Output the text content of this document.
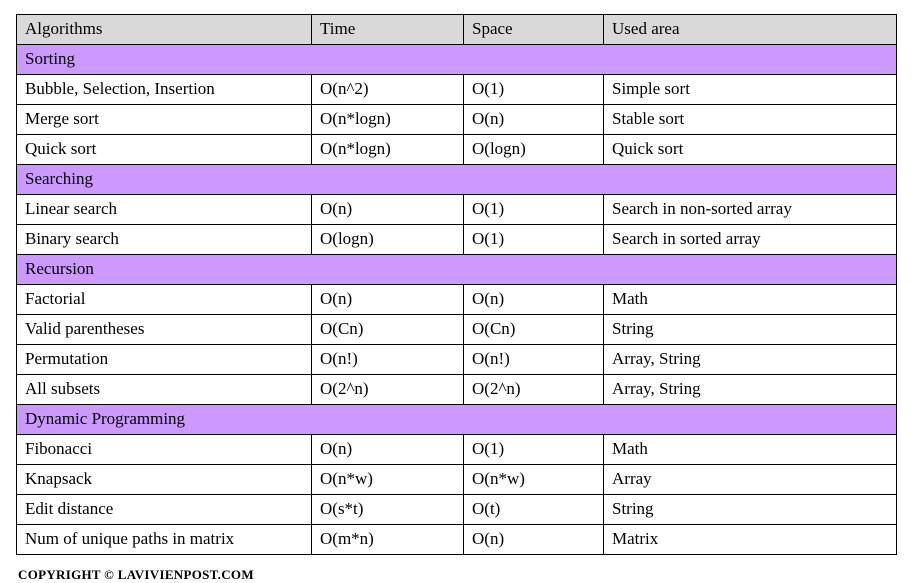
Algorithms	Time	Space	Used area
Sorting			
Bubble, Selection, Insertion	O(n^2)	O(1)	Simple sort
Merge sort	O(n*logn)	O(n)	Stable sort
Quick sort	O(n*logn)	O(logn)	Quick sort
Searching			
Linear search	O(n)	O(1)	Search in non-sorted array
Binary search	O(logn)	O(1)	Search in sorted array
Recursion			
Factorial	O(n)	O(n)	Math
Valid parentheses	O(Cn)	O(Cn)	String
Permutation	O(n!)	O(n!)	Array, String
All subsets	O(2^n)	O(2^n)	Array, String
Dynamic Programming			
Fibonacci	O(n)	O(1)	Math
Knapsack	O(n*w)	O(n*w)	Array
Edit distance	O(s*t)	O(t)	String
Num of unique paths in matrix	O(m*n)	O(n)	Matrix
COPYRIGHT © LAVIVIENPOST.COM
